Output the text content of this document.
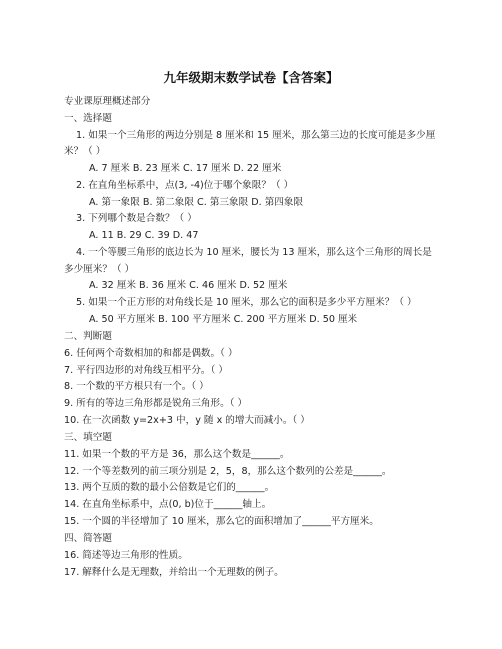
九年级期末数学试卷【含答案】
专业课原理概述部分
一、选择题
1. 如果一个三角形的两边分别是 8 厘米和 15 厘米，那么第三边的长度可能是多少厘
米？（ ）
A. 7 厘米 B. 23 厘米 C. 17 厘米 D. 22 厘米
2. 在直角坐标系中，点(3, -4)位于哪个象限？（ ）
A. 第一象限 B. 第二象限 C. 第三象限 D. 第四象限
3. 下列哪个数是合数？（ ）
A. 11 B. 29 C. 39 D. 47
4. 一个等腰三角形的底边长为 10 厘米，腰长为 13 厘米，那么这个三角形的周长是
多少厘米？（ ）
A. 32 厘米 B. 36 厘米 C. 46 厘米 D. 52 厘米
5. 如果一个正方形的对角线长是 10 厘米，那么它的面积是多少平方厘米？（ ）
A. 50 平方厘米 B. 100 平方厘米 C. 200 平方厘米 D. 50 厘米
二、判断题
6. 任何两个奇数相加的和都是偶数。（ ）
7. 平行四边形的对角线互相平分。（ ）
8. 一个数的平方根只有一个。（ ）
9. 所有的等边三角形都是锐角三角形。（ ）
10. 在一次函数 y=2x+3 中，y 随 x 的增大而减小。（ ）
三、填空题
11. 如果一个数的平方是 36，那么这个数是______。
12. 一个等差数列的前三项分别是 2，5，8，那么这个数列的公差是______。
13. 两个互质的数的最小公倍数是它们的______。
14. 在直角坐标系中，点(0, b)位于______轴上。
15. 一个圆的半径增加了 10 厘米，那么它的面积增加了______平方厘米。
四、简答题
16. 简述等边三角形的性质。
17. 解释什么是无理数，并给出一个无理数的例子。
